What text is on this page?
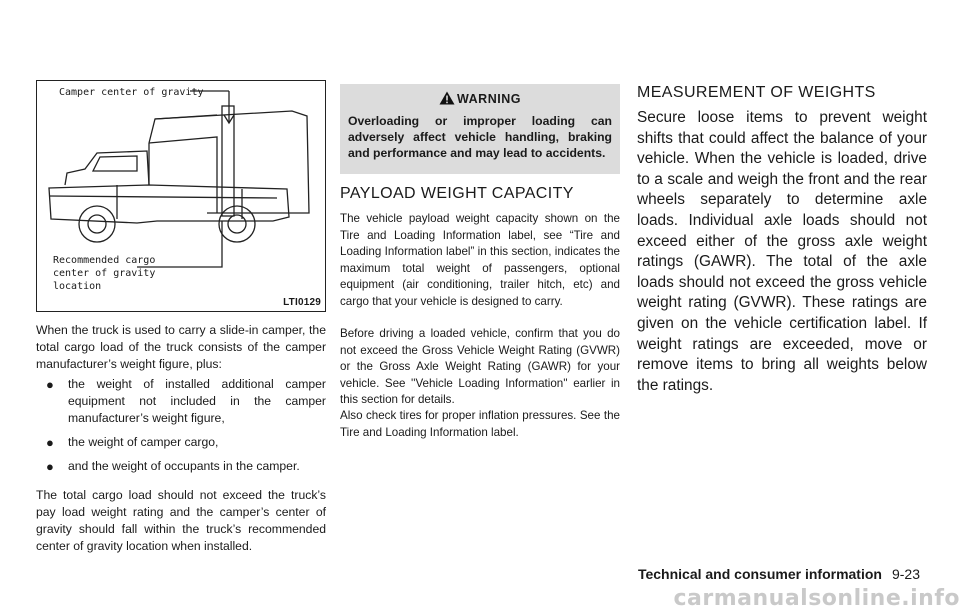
Camper center of gravity
Recommended cargo
center of gravity
location
LTI0129

When the truck is used to carry a slide-in camper, the total cargo load of the truck consists of the camper manufacturer’s weight figure, plus:

● the weight of installed additional camper equipment not included in the camper manufacturer’s weight figure,
● the weight of camper cargo,
● and the weight of occupants in the camper.

The total cargo load should not exceed the truck’s pay load weight rating and the camper’s center of gravity should fall within the truck’s recommended center of gravity location when installed.

WARNING
Overloading or improper loading can adversely affect vehicle handling, braking and performance and may lead to accidents.
PAYLOAD WEIGHT CAPACITY

The vehicle payload weight capacity shown on the Tire and Loading Information label, see “Tire and Loading Information label” in this section, indicates the maximum total weight of passengers, optional equipment (air conditioning, trailer hitch, etc) and cargo that your vehicle is designed to carry.

Before driving a loaded vehicle, confirm that you do not exceed the Gross Vehicle Weight Rating (GVWR) or the Gross Axle Weight Rating (GAWR) for your vehicle. See ''Vehicle Loading Information'' earlier in this section for details.

Also check tires for proper inflation pressures. See the Tire and Loading Information label.

MEASUREMENT OF WEIGHTS

Secure loose items to prevent weight shifts that could affect the balance of your vehicle. When the vehicle is loaded, drive to a scale and weigh the front and the rear wheels separately to determine axle loads. Individual axle loads should not exceed either of the gross axle weight ratings (GAWR). The total of the axle loads should not exceed the gross vehicle weight rating (GVWR). These ratings are given on the vehicle certification label. If weight ratings are exceeded, move or remove items to bring all weights below the ratings.

Technical and consumer information 9-23
carmanualsonline.info
